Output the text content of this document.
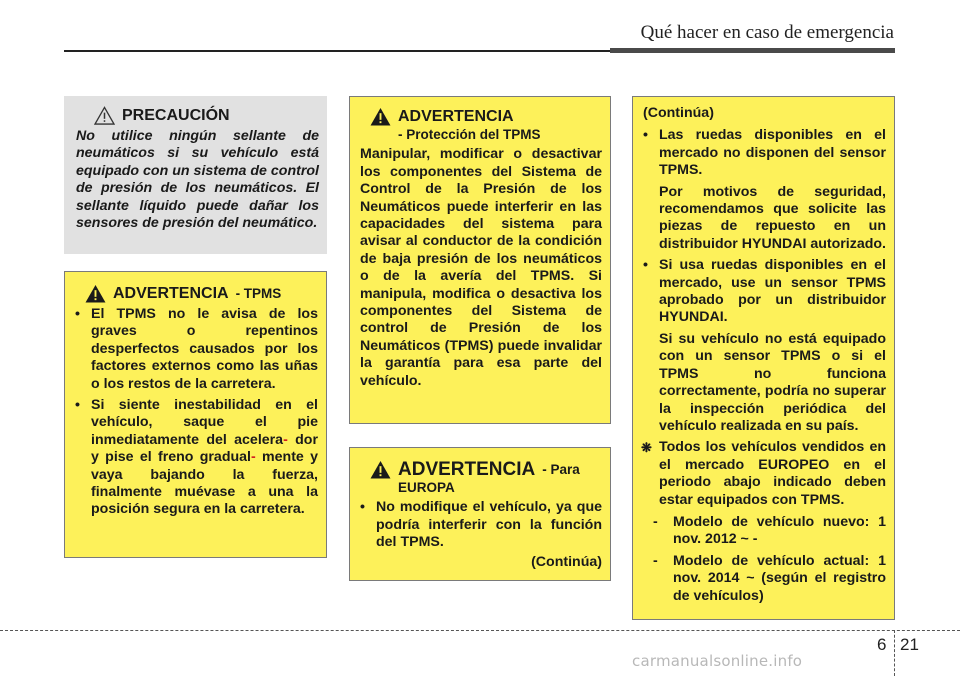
Qué hacer en caso de emergencia
PRECAUCIÓN
No utilice ningún sellante de neumáticos si su vehículo está equipado con un sistema de control de presión de los neumáticos. El sellante líquido puede dañar los sensores de presión del neumático.
ADVERTENCIA - TPMS
• El TPMS no le avisa de los graves o repentinos desperfectos causados por los factores externos como las uñas o los restos de la carretera.
• Si siente inestabilidad en el vehículo, saque el pie inmediatamente del acelera- dor y pise el freno gradual- mente y vaya bajando la fuerza, finalmente muévase a una la posición segura en la carretera.
ADVERTENCIA
- Protección del TPMS
Manipular, modificar o desactivar los componentes del Sistema de Control de la Presión de los Neumáticos puede interferir en las capacidades del sistema para avisar al conductor de la condición de baja presión de los neumáticos o de la avería del TPMS. Si manipula, modifica o desactiva los componentes del Sistema de control de Presión de los Neumáticos (TPMS) puede invalidar la garantía para esa parte del vehículo.
ADVERTENCIA - Para
EUROPA
• No modifique el vehículo, ya que podría interferir con la función del TPMS.
(Continúa)
(Continúa)
• Las ruedas disponibles en el mercado no disponen del sensor TPMS.
Por motivos de seguridad, recomendamos que solicite las piezas de repuesto en un distribuidor HYUNDAI autorizado.
• Si usa ruedas disponibles en el mercado, use un sensor TPMS aprobado por un distribuidor HYUNDAI.
Si su vehículo no está equipado con un sensor TPMS o si el TPMS no funciona correctamente, podría no superar la inspección periódica del vehículo realizada en su país.
❋ Todos los vehículos vendidos en el mercado EUROPEO en el periodo abajo indicado deben estar equipados con TPMS.
- Modelo de vehículo nuevo: 1 nov. 2012 ~ -
- Modelo de vehículo actual: 1 nov. 2014 ~ (según el registro de vehículos)
6 21
carmanualsonline.info
